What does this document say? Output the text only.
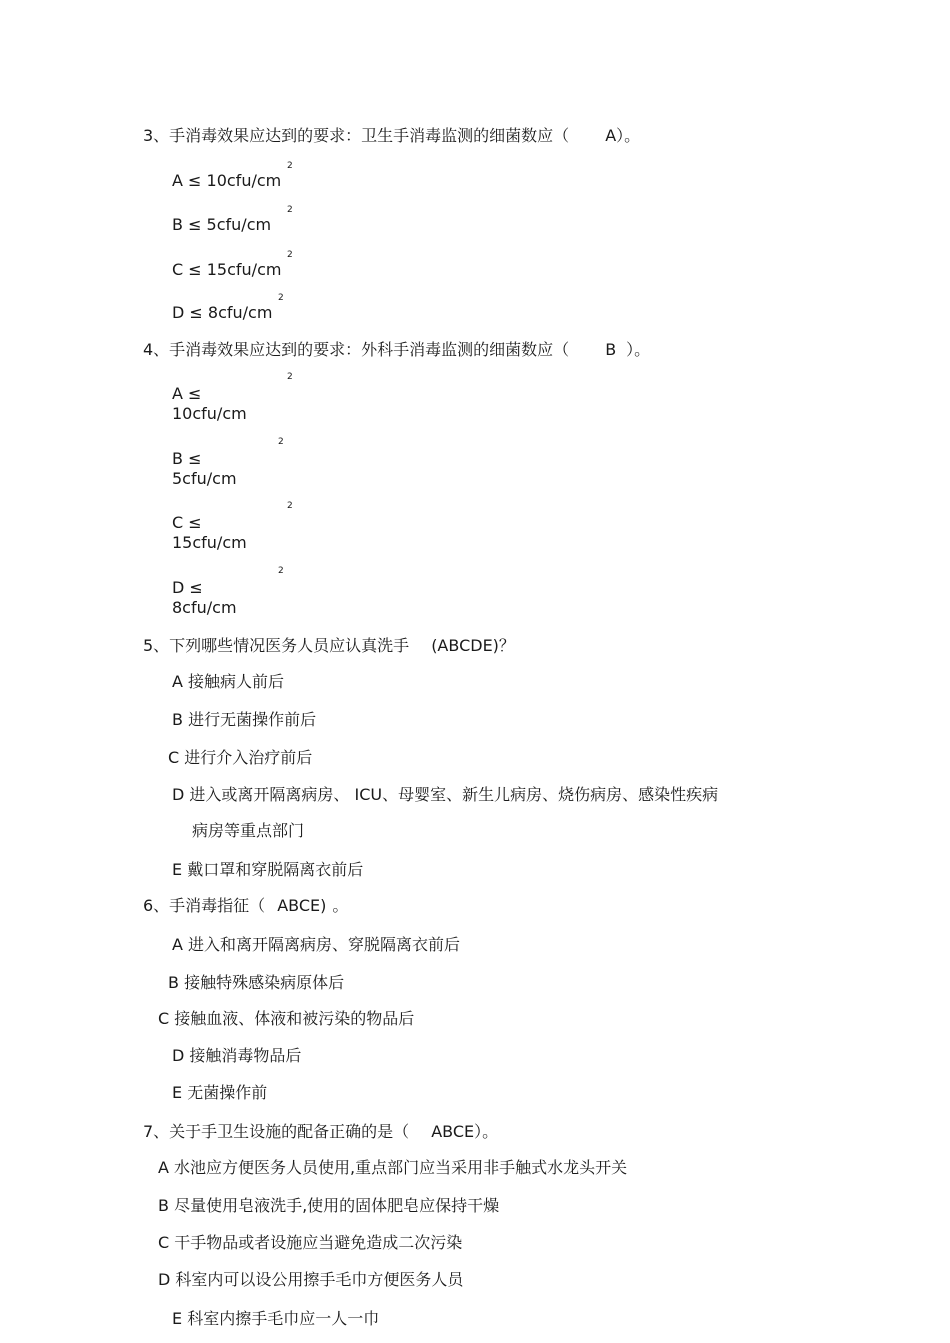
3、手消毒效果应达到的要求：卫生手消毒监测的细菌数应（ A）。
A ≤ 10cfu/cm
2
B ≤ 5cfu/cm
2
C ≤ 15cfu/cm
2
D ≤ 8cfu/cm
2
4、手消毒效果应达到的要求：外科手消毒监测的细菌数应（ B ）。
A ≤
10cfu/cm
2
B ≤
5cfu/cm
2
C ≤
15cfu/cm
2
D ≤
8cfu/cm
2
5、下列哪些情况医务人员应认真洗手 (ABCDE)？
A 接触病人前后
B 进行无菌操作前后
C 进行介入治疗前后
D 进入或离开隔离病房、 ICU、母婴室、新生儿病房、烧伤病房、感染性疾病
病房等重点部门
E 戴口罩和穿脱隔离衣前后
6、手消毒指征（ ABCE) 。
A 进入和离开隔离病房、穿脱隔离衣前后
B 接触特殊感染病原体后
C 接触血液、体液和被污染的物品后
D 接触消毒物品后
E 无菌操作前
7、关于手卫生设施的配备正确的是（ ABCE）。
A 水池应方便医务人员使用,重点部门应当采用非手触式水龙头开关
B 尽量使用皂液洗手,使用的固体肥皂应保持干燥
C 干手物品或者设施应当避免造成二次污染
D 科室内可以设公用擦手毛巾方便医务人员
E 科室内擦手毛巾应一人一巾
